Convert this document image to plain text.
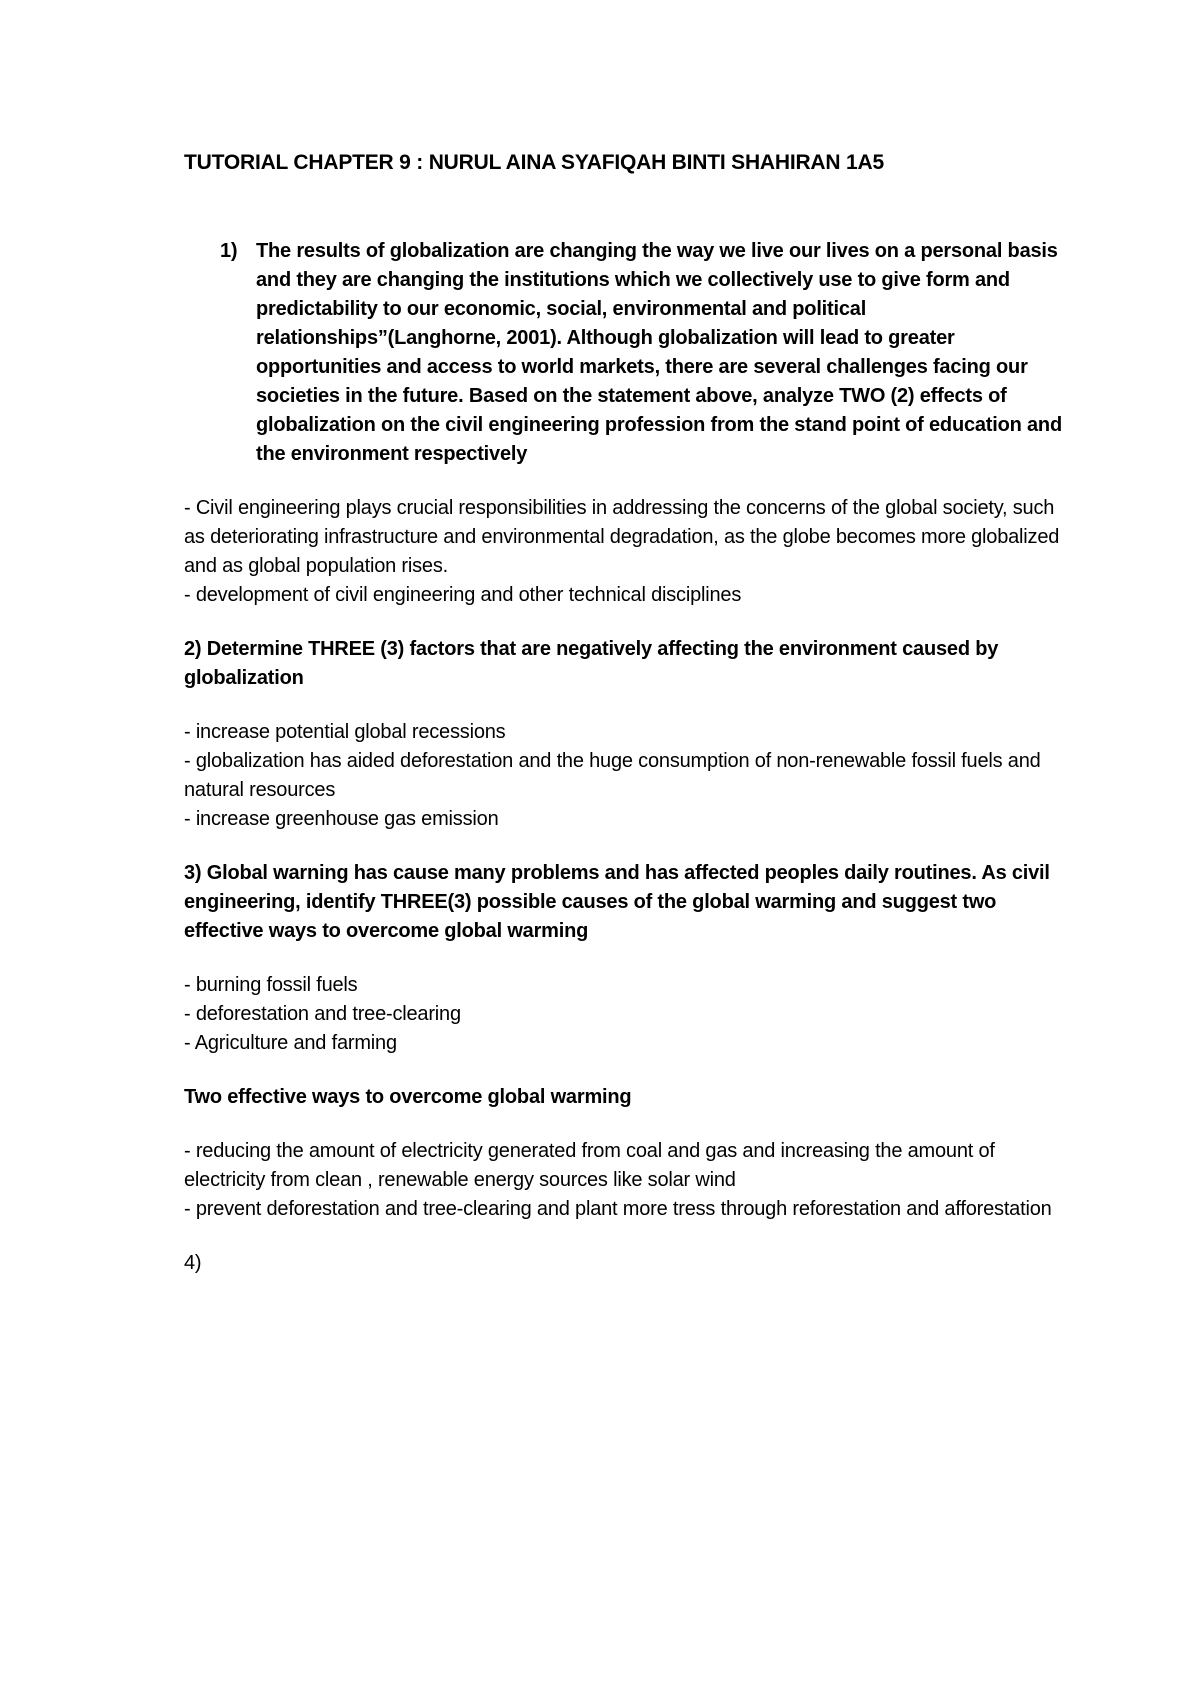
TUTORIAL CHAPTER 9 : NURUL AINA SYAFIQAH BINTI SHAHIRAN 1A5
1) The results of globalization are changing the way we live our lives on a personal basis and they are changing the institutions which we collectively use to give form and predictability to our economic, social, environmental and political relationships”(Langhorne, 2001). Although globalization will lead to greater opportunities and access to world markets, there are several challenges facing our societies in the future. Based on the statement above, analyze TWO (2) effects of globalization on the civil engineering profession from the stand point of education and the environment respectively
- Civil engineering plays crucial responsibilities in addressing the concerns of the global society, such as deteriorating infrastructure and environmental degradation, as the globe becomes more globalized and as global population rises.
- development of civil engineering and other technical disciplines
2) Determine THREE (3) factors that are negatively affecting the environment caused by globalization
- increase potential global recessions
- globalization has aided deforestation and the huge consumption of non-renewable fossil fuels and natural resources
- increase greenhouse gas emission
3) Global warning has cause many problems and has affected peoples daily routines. As civil engineering, identify THREE(3) possible causes of the global warming and suggest two effective ways to overcome global warming
- burning fossil fuels
- deforestation and tree-clearing
- Agriculture and farming
Two effective ways to overcome global warming
- reducing the amount of electricity generated from coal and gas and increasing the amount of electricity from clean , renewable energy sources like solar wind
- prevent deforestation and tree-clearing and plant more tress through reforestation and afforestation
4)
